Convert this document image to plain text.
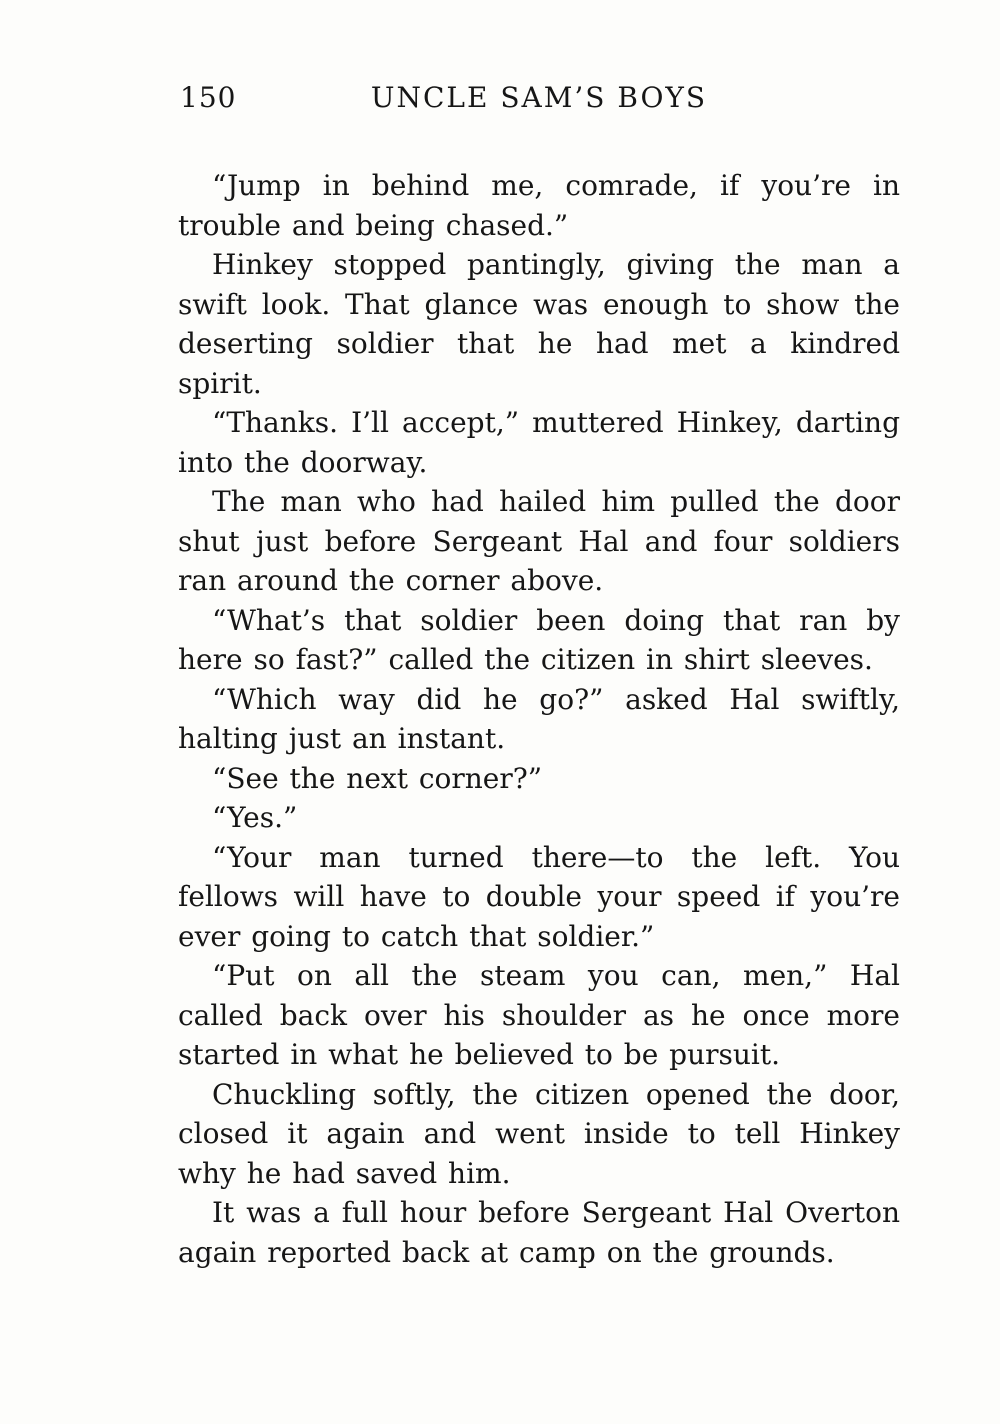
150	UNCLE SAM’S BOYS

“Jump in behind me, comrade, if you’re in trouble and being chased.”

Hinkey stopped pantingly, giving the man a swift look. That glance was enough to show the deserting soldier that he had met a kindred spirit.

“Thanks. I’ll accept,” muttered Hinkey, darting into the doorway.

The man who had hailed him pulled the door shut just before Sergeant Hal and four soldiers ran around the corner above.

“What’s that soldier been doing that ran by here so fast?” called the citizen in shirt sleeves.

“Which way did he go?” asked Hal swiftly, halting just an instant.

“See the next corner?”

“Yes.”

“Your man turned there—to the left. You fellows will have to double your speed if you’re ever going to catch that soldier.”

“Put on all the steam you can, men,” Hal called back over his shoulder as he once more started in what he believed to be pursuit.

Chuckling softly, the citizen opened the door, closed it again and went inside to tell Hinkey why he had saved him.

It was a full hour before Sergeant Hal Overton again reported back at camp on the grounds.
